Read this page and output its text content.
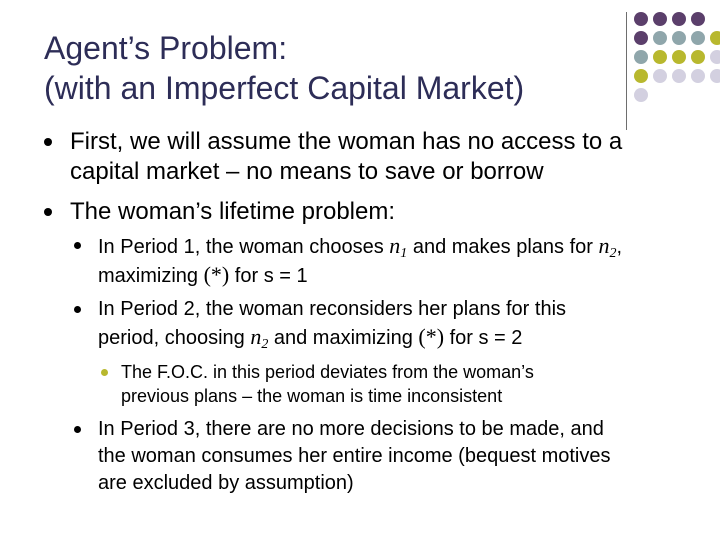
Agent’s Problem:
(with an Imperfect Capital Market)
First, we will assume the woman has no access to a capital market – no means to save or borrow
The woman’s lifetime problem:
In Period 1, the woman chooses $n_1$ and makes plans for $n_2$,
maximizing (*) for s = 1
In Period 2, the woman reconsiders her plans for this
period, choosing $n_2$ and maximizing (*) for s = 2
The F.O.C. in this period deviates from the woman’s
previous plans – the woman is time inconsistent
In Period 3, there are no more decisions to be made, and
the woman consumes her entire income (bequest motives
are excluded by assumption)
